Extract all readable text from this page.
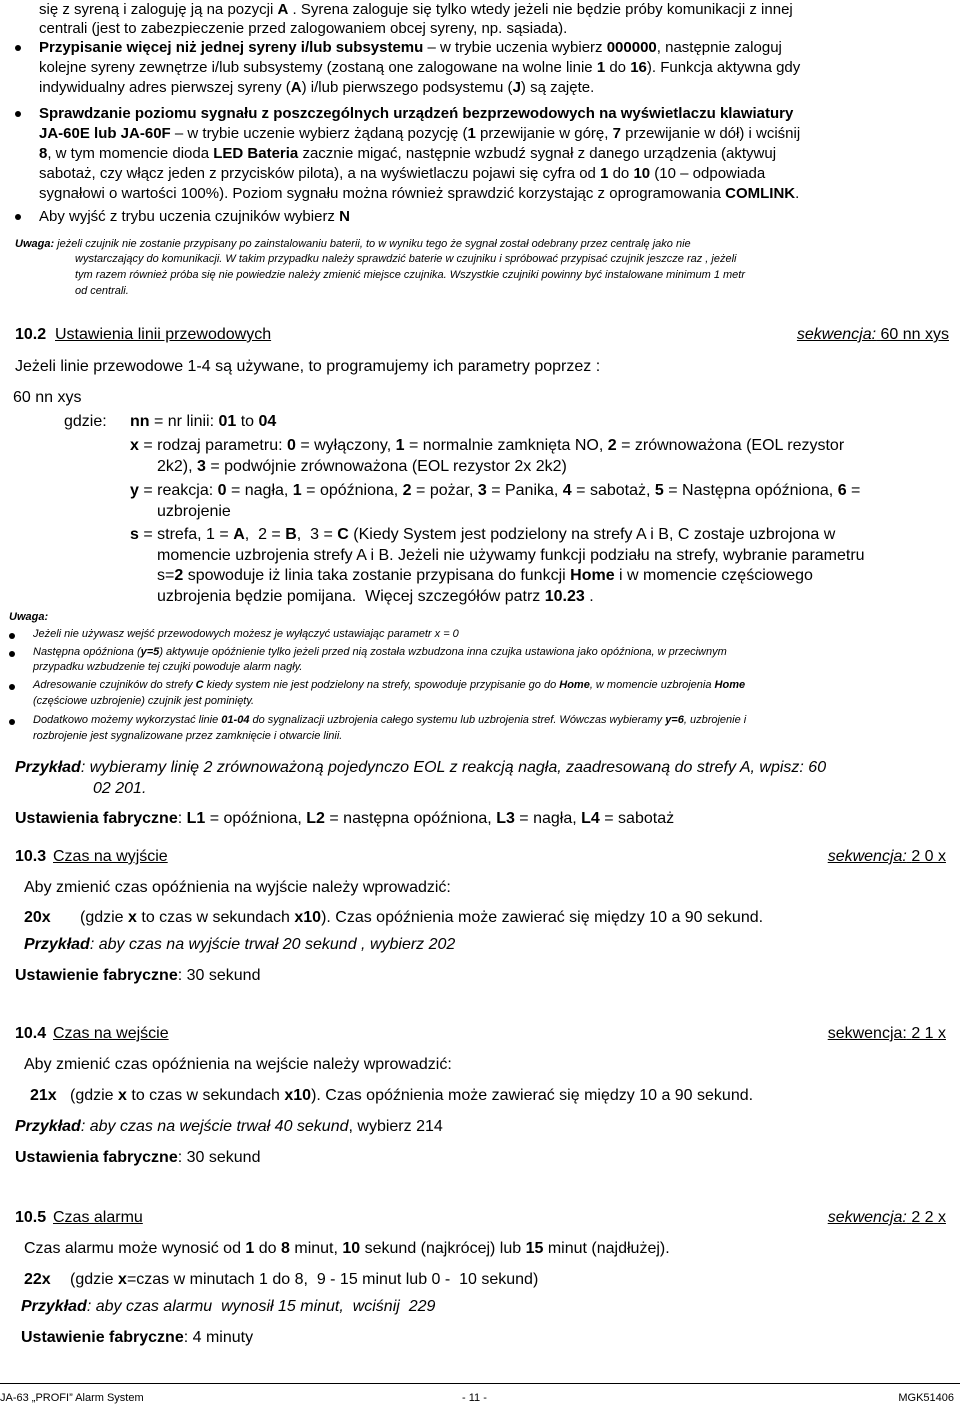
się z syreną i zaloguję ją na pozycji A . Syrena zaloguje się tylko wtedy jeżeli nie będzie próby komunikacji z innej
centrali (jest to zabezpieczenie przed zalogowaniem obcej syreny, np. sąsiada).
Przypisanie więcej niż jednej syreny i/lub subsystemu – w trybie uczenia wybierz 000000, następnie zaloguj
kolejne syreny zewnętrze i/lub subsystemy (zostaną one zalogowane na wolne linie 1 do 16). Funkcja aktywna gdy
indywidualny adres pierwszej syreny (A) i/lub pierwszego podsystemu (J) są zajęte.
Sprawdzanie poziomu sygnału z poszczególnych urządzeń bezprzewodowych na wyświetlaczu klawiatury
JA-60E lub JA-60F – w trybie uczenie wybierz żądaną pozycję (1 przewijanie w górę, 7 przewijanie w dół) i wciśnij
8, w tym momencie dioda LED Bateria zacznie migać, następnie wzbudź sygnał z danego urządzenia (aktywuj
sabotaż, czy włącz jeden z przycisków pilota), a na wyświetlaczu pojawi się cyfra od 1 do 10 (10 – odpowiada
sygnałowi o wartości 100%). Poziom sygnału można również sprawdzić korzystając z oprogramowania COMLINK.
Aby wyjść z trybu uczenia czujników wybierz N
Uwaga: jeżeli czujnik nie zostanie przypisany po zainstalowaniu baterii, to w wyniku tego że sygnał został odebrany przez centralę jako nie
wystarczający do komunikacji. W takim przypadku należy sprawdzić baterie w czujniku i spróbować przypisać czujnik jeszcze raz , jeżeli
tym razem również próba się nie powiedzie należy zmienić miejsce czujnika. Wszystkie czujniki powinny być instalowane minimum 1 metr
od centrali.
10.2 Ustawienia linii przewodowych	sekwencja: 60 nn xys
Jeżeli linie przewodowe 1-4 są używane, to programujemy ich parametry poprzez :
60 nn xys
gdzie: nn = nr linii: 01 to 04
x = rodzaj parametru: 0 = wyłączony, 1 = normalnie zamknięta NO, 2 = zrównoważona (EOL rezystor
2k2), 3 = podwójnie zrównoważona (EOL rezystor 2x 2k2)
y = reakcja: 0 = nagła, 1 = opóźniona, 2 = pożar, 3 = Panika, 4 = sabotaż, 5 = Następna opóźniona, 6 =
uzbrojenie
s = strefa, 1 = A,  2 = B,  3 = C (Kiedy System jest podzielony na strefy A i B, C zostaje uzbrojona w
momencie uzbrojenia strefy A i B. Jeżeli nie używamy funkcji podziału na strefy, wybranie parametru
s=2 spowoduje iż linia taka zostanie przypisana do funkcji Home i w momencie częściowego
uzbrojenia będzie pomijana.  Więcej szczegółów patrz 10.23 .
Uwaga:
Jeżeli nie używasz wejść przewodowych możesz je wyłączyć ustawiając parametr x = 0
Następna opóźniona (y=5) aktywuje opóźnienie tylko jeżeli przed nią została wzbudzona inna czujka ustawiona jako opóźniona, w przeciwnym
przypadku wzbudzenie tej czujki powoduje alarm nagły.
Adresowanie czujników do strefy C kiedy system nie jest podzielony na strefy, spowoduje przypisanie go do Home, w momencie uzbrojenia Home
(częściowe uzbrojenie) czujnik jest pominięty.
Dodatkowo możemy wykorzystać linie 01-04 do sygnalizacji uzbrojenia całego systemu lub uzbrojenia stref. Wówczas wybieramy y=6, uzbrojenie i
rozbrojenie jest sygnalizowane przez zamknięcie i otwarcie linii.
Przykład: wybieramy linię 2 zrównoważoną pojedynczo EOL z reakcją nagła, zaadresowaną do strefy A, wpisz: 60
02 201.
Ustawienia fabryczne: L1 = opóźniona, L2 = następna opóźniona, L3 = nagła, L4 = sabotaż
10.3 Czas na wyjście	sekwencja: 2 0 x
Aby zmienić czas opóźnienia na wyjście należy wprowadzić:
20x (gdzie x to czas w sekundach x10). Czas opóźnienia może zawierać się między 10 a 90 sekund.
Przykład: aby czas na wyjście trwał 20 sekund , wybierz 202
Ustawienie fabryczne: 30 sekund
10.4 Czas na wejście	sekwencja: 2 1 x
Aby zmienić czas opóźnienia na wejście należy wprowadzić:
21x (gdzie x to czas w sekundach x10). Czas opóźnienia może zawierać się między 10 a 90 sekund.
Przykład: aby czas na wejście trwał 40 sekund, wybierz 214
Ustawienia fabryczne: 30 sekund
10.5 Czas alarmu	sekwencja: 2 2 x
Czas alarmu może wynosić od 1 do 8 minut, 10 sekund (najkrócej) lub 15 minut (najdłużej).
22x (gdzie x=czas w minutach 1 do 8,  9 - 15 minut lub 0 -  10 sekund)
Przykład: aby czas alarmu  wynosił 15 minut,  wciśnij  229
Ustawienie fabryczne: 4 minuty
JA-63 „PROFI” Alarm System	- 11 -	MGK51406
